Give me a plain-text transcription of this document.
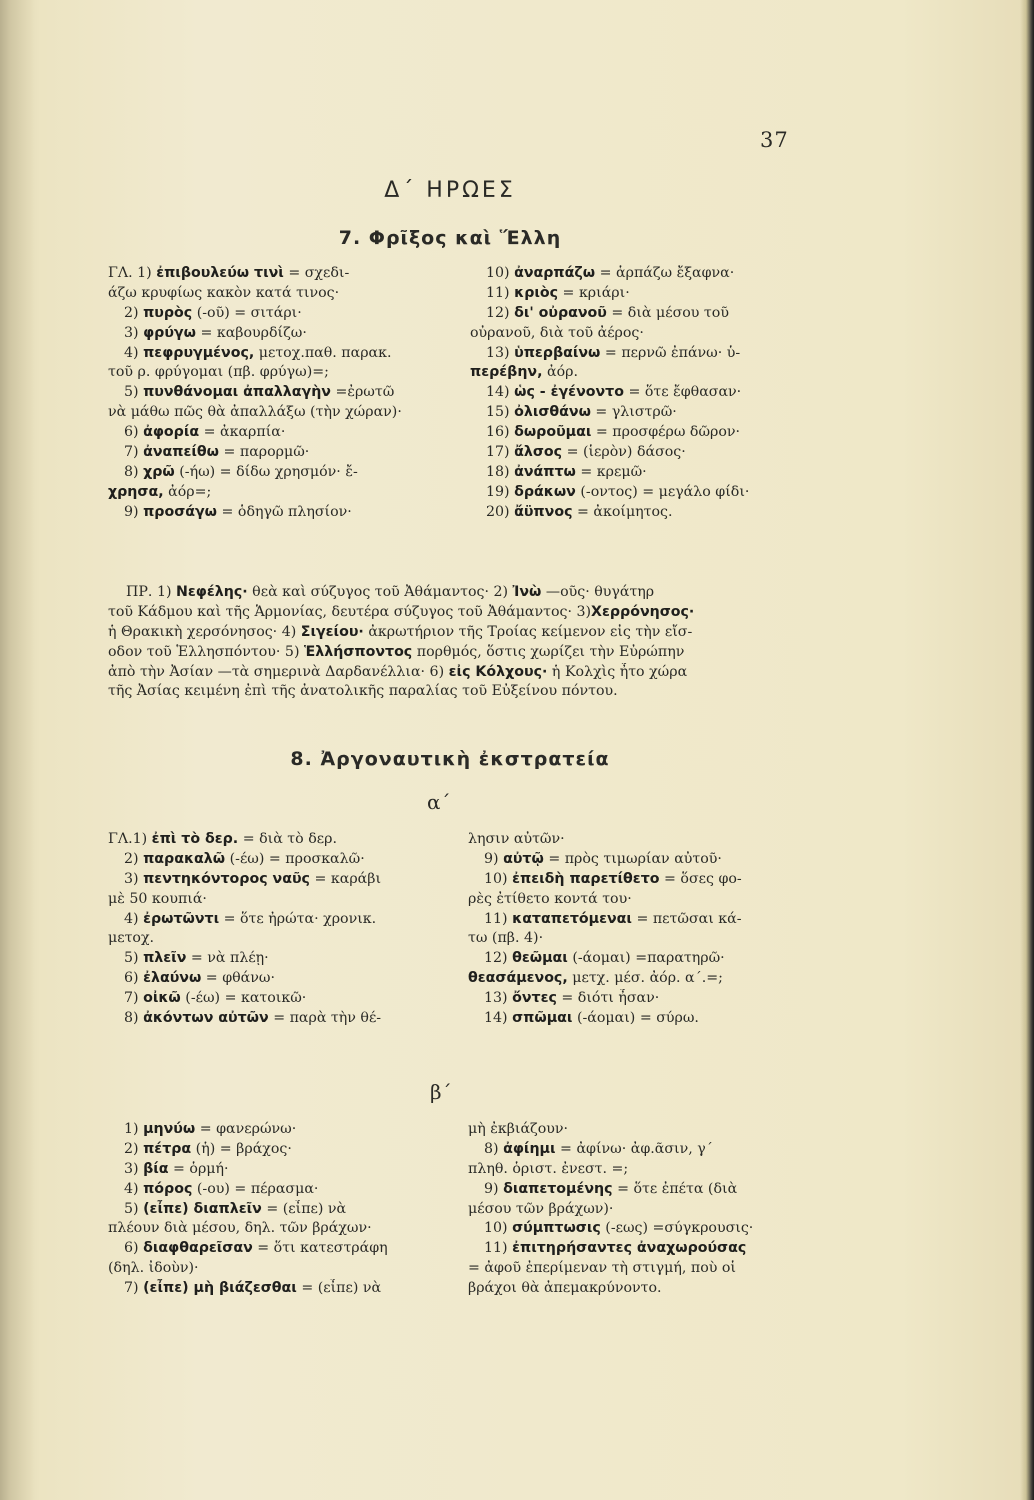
37
Δ΄ ΗΡΩΕΣ
7. Φρῖξος καὶ Ἕλλη
ΓΛ. 1) ἐπιβουλεύω τινὶ = σχεδι-
άζω κρυφίως κακὸν κατά τινος·
2) πυρὸς (-οῦ) = σιτάρι·
3) φρύγω = καβουρδίζω·
4) πεφρυγμένος, μετοχ.παθ. παρακ.
τοῦ ρ. φρύγομαι (πβ. φρύγω)=;
5) πυνθάνομαι ἀπαλλαγὴν =ἐρωτῶ
νὰ μάθω πῶς θὰ ἀπαλλάξω (τὴν χώραν)·
6) ἀφορία = ἀκαρπία·
7) ἀναπείθω = παρορμῶ·
8) χρῶ (-ήω) = δίδω χρησμόν· ἔ-
χρησα, ἀόρ=;
9) προσάγω = ὁδηγῶ πλησίον·
10) ἀναρπάζω = ἁρπάζω ἔξαφνα·
11) κριὸς = κριάρι·
12) δι' οὐρανοῦ = διὰ μέσου τοῦ
οὐρανοῦ, διὰ τοῦ ἀέρος·
13) ὑπερβαίνω = περνῶ ἐπάνω· ὑ-
περέβην, ἀόρ.
14) ὡς - ἐγένοντο = ὅτε ἔφθασαν·
15) ὀλισθάνω = γλιστρῶ·
16) δωροῦμαι = προσφέρω δῶρον·
17) ἄλσος = (ἱερὸν) δάσος·
18) ἀνάπτω = κρεμῶ·
19) δράκων (-οντος) = μεγάλο φίδι·
20) ἄϋπνος = ἀκοίμητος.
ΠΡ. 1) Νεφέλης· θεὰ καὶ σύζυγος τοῦ Ἀθάμαντος· 2) Ἰνὼ —οῦς· θυγάτηρ
τοῦ Κάδμου καὶ τῆς Ἁρμονίας, δευτέρα σύζυγος τοῦ Ἀθάμαντος· 3)Χερρόνησος·
ἡ Θρακικὴ χερσόνησος· 4) Σιγείου· ἀκρωτήριον τῆς Τροίας κείμενον εἰς τὴν εἴσ-
οδον τοῦ Ἑλλησπόντου· 5) Ἑλλήσποντος πορθμός, ὅστις χωρίζει τὴν Εὐρώπην
ἀπὸ τὴν Ἀσίαν —τὰ σημερινὰ Δαρδανέλλια· 6) εἰς Κόλχους· ἡ Κολχὶς ἦτο χώρα
τῆς Ἀσίας κειμένη ἐπὶ τῆς ἀνατολικῆς παραλίας τοῦ Εὐξείνου πόντου.
8. Ἀργοναυτικὴ ἐκστρατεία
α΄
ΓΛ.1) ἐπὶ τὸ δερ. = διὰ τὸ δερ.
2) παρακαλῶ (-έω) = προσκαλῶ·
3) πεντηκόντορος ναῦς = καράβι
μὲ 50 κουπιά·
4) ἐρωτῶντι = ὅτε ἠρώτα· χρονικ.
μετοχ.
5) πλεῖν = νὰ πλέῃ·
6) ἐλαύνω = φθάνω·
7) οἰκῶ (-έω) = κατοικῶ·
8) ἀκόντων αὐτῶν = παρὰ τὴν θέ-
λησιν αὐτῶν·
9) αὐτῷ = πρὸς τιμωρίαν αὐτοῦ·
10) ἐπειδὴ παρετίθετο = ὅσες φο-
ρὲς ἐτίθετο κοντά του·
11) καταπετόμεναι = πετῶσαι κά-
τω (πβ. 4)·
12) θεῶμαι (-άομαι) =παρατηρῶ·
θεασάμενος, μετχ. μέσ. ἀόρ. α΄.=;
13) ὄντες = διότι ἦσαν·
14) σπῶμαι (-άομαι) = σύρω.
β΄
1) μηνύω = φανερώνω·
2) πέτρα (ἡ) = βράχος·
3) βία = ὁρμή·
4) πόρος (-ου) = πέρασμα·
5) (εἶπε) διαπλεῖν = (εἶπε) νὰ
πλέουν διὰ μέσου, δηλ. τῶν βράχων·
6) διαφθαρεῖσαν = ὅτι κατεστράφη
(δηλ. ἰδοὺν)·
7) (εἶπε) μὴ βιάζεσθαι = (εἶπε) νὰ
μὴ ἐκβιάζουν·
8) ἀφίημι = ἀφίνω· ἀφ.ᾶσιν, γ΄
πληθ. ὁριστ. ἐνεστ. =;
9) διαπετομένης = ὅτε ἐπέτα (διὰ
μέσου τῶν βράχων)·
10) σύμπτωσις (-εως) =σύγκρουσις·
11) ἐπιτηρήσαντες ἀναχωρούσας
= ἀφοῦ ἐπερίμεναν τὴ στιγμή, ποὺ οἱ
βράχοι θὰ ἀπεμακρύνοντο.
